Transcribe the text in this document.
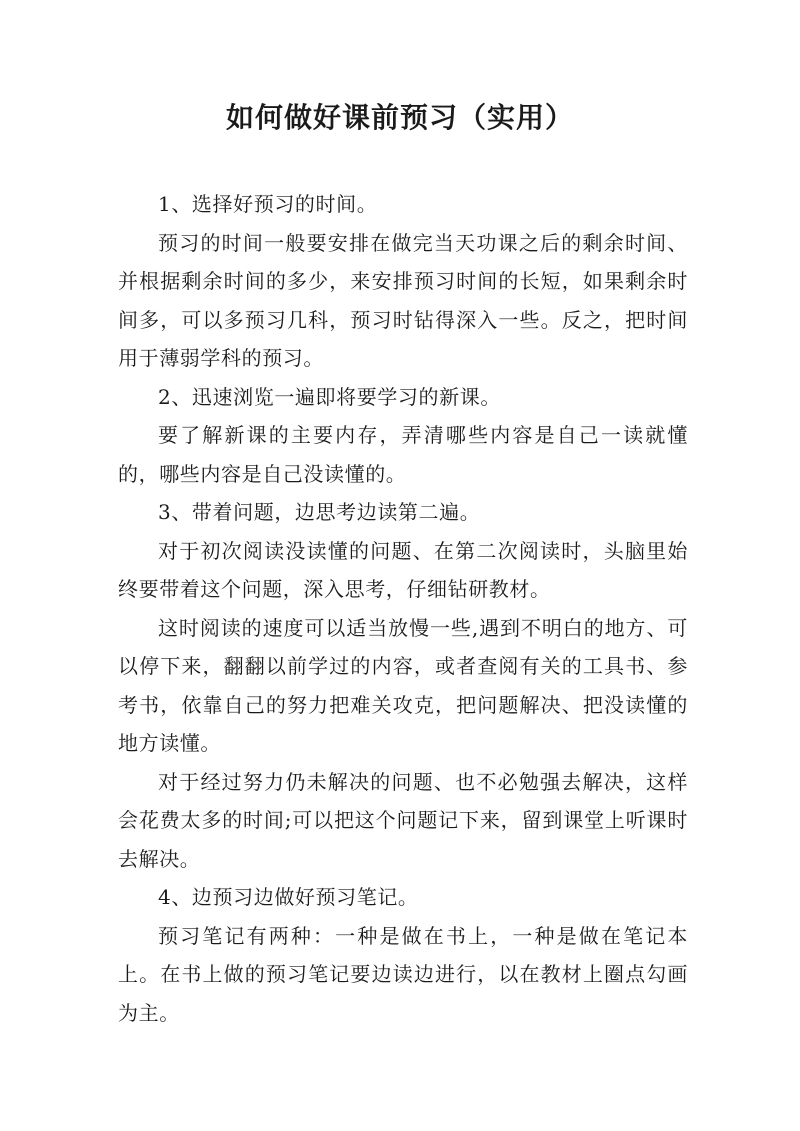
如何做好课前预习（实用）

1、选择好预习的时间。

预习的时间一般要安排在做完当天功课之后的剩余时间、并根据剩余时间的多少，来安排预习时间的长短，如果剩余时间多，可以多预习几科，预习时钻得深入一些。反之，把时间用于薄弱学科的预习。

2、迅速浏览一遍即将要学习的新课。

要了解新课的主要内存，弄清哪些内容是自己一读就懂的，哪些内容是自己没读懂的。

3、带着问题，边思考边读第二遍。

对于初次阅读没读懂的问题、在第二次阅读时，头脑里始终要带着这个问题，深入思考，仔细钻研教材。

这时阅读的速度可以适当放慢一些,遇到不明白的地方、可以停下来，翻翻以前学过的内容，或者查阅有关的工具书、参考书，依靠自己的努力把难关攻克，把问题解决、把没读懂的地方读懂。

对于经过努力仍未解决的问题、也不必勉强去解决，这样会花费太多的时间;可以把这个问题记下来，留到课堂上听课时去解决。

4、边预习边做好预习笔记。

预习笔记有两种：一种是做在书上，一种是做在笔记本上。在书上做的预习笔记要边读边进行，以在教材上圈点勾画为主。
